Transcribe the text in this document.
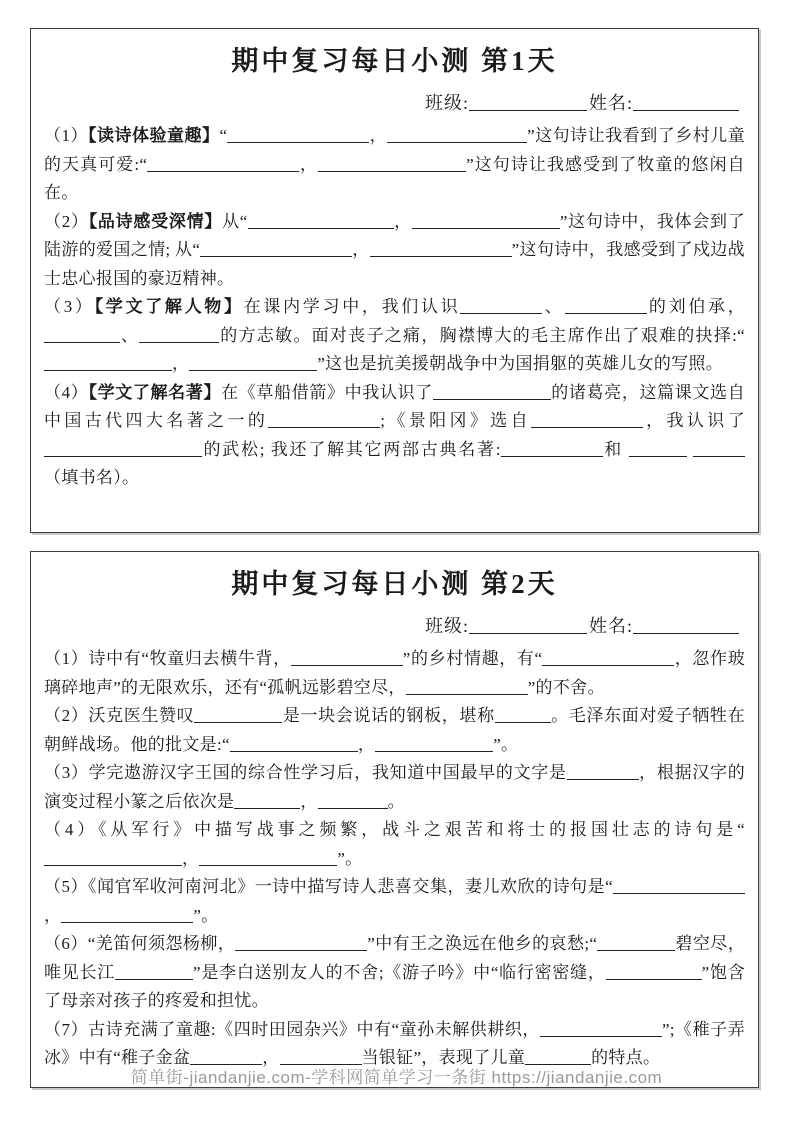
期中复习每日小测 第1天
班级:	姓名:

（1）【读诗体验童趣】“	，	”这句诗让我看到了乡村儿童的天真可爱:“	，	”这句诗让我感受到了牧童的悠闲自在。

（2）【品诗感受深情】从“	，	”这句诗中，我体会到了陆游的爱国之情; 从“	，	”这句诗中，我感受到了戍边战士忠心报国的豪迈精神。

（3）【学文了解人物】在课内学习中，我们认识	、	的刘伯承，、	的方志敏。面对丧子之痛，胸襟博大的毛主席作出了艰难的抉择:“，	”这也是抗美援朝战争中为国捐躯的英雄儿女的写照。

（4）【学文了解名著】在《草船借箭》中我认识了	的诸葛亮，这篇课文选自中国古代四大名著之一的	;《景阳冈》选自	，我认识了的武松; 我还了解其它两部古典名著:	和  （填书名）。

期中复习每日小测 第2天
班级:	姓名:

（1）诗中有“牧童归去横牛背，	”的乡村情趣，有“	，忽作玻璃碎地声”的无限欢乐，还有“孤帆远影碧空尽，	”的不舍。

（2）沃克医生赞叹	是一块会说话的钢板，堪称	。毛泽东面对爱子牺牲在朝鲜战场。他的批文是:“	，	”。

（3）学完遨游汉字王国的综合性学习后，我知道中国最早的文字是	，根据汉字的演变过程小篆之后依次是	，	。

（4）《从军行》中描写战事之频繁，战斗之艰苦和将士的报国壮志的诗句是“，	”。

（5）《闻官军收河南河北》一诗中描写诗人悲喜交集，妻儿欢欣的诗句是“，	”。

（6）“羌笛何须怨杨柳，	”中有王之涣远在他乡的哀愁;“	碧空尽，唯见长江	”是李白送别友人的不舍;《游子吟》中“临行密密缝，	”饱含了母亲对孩子的疼爱和担忧。

（7）古诗充满了童趣:《四时田园杂兴》中有“童孙未解供耕织，	”;《稚子弄冰》中有“稚子金盆	，	当银钲”，表现了儿童	的特点。

简单街-jiandanjie.com-学科网简单学习一条街 https://jiandanjie.com
